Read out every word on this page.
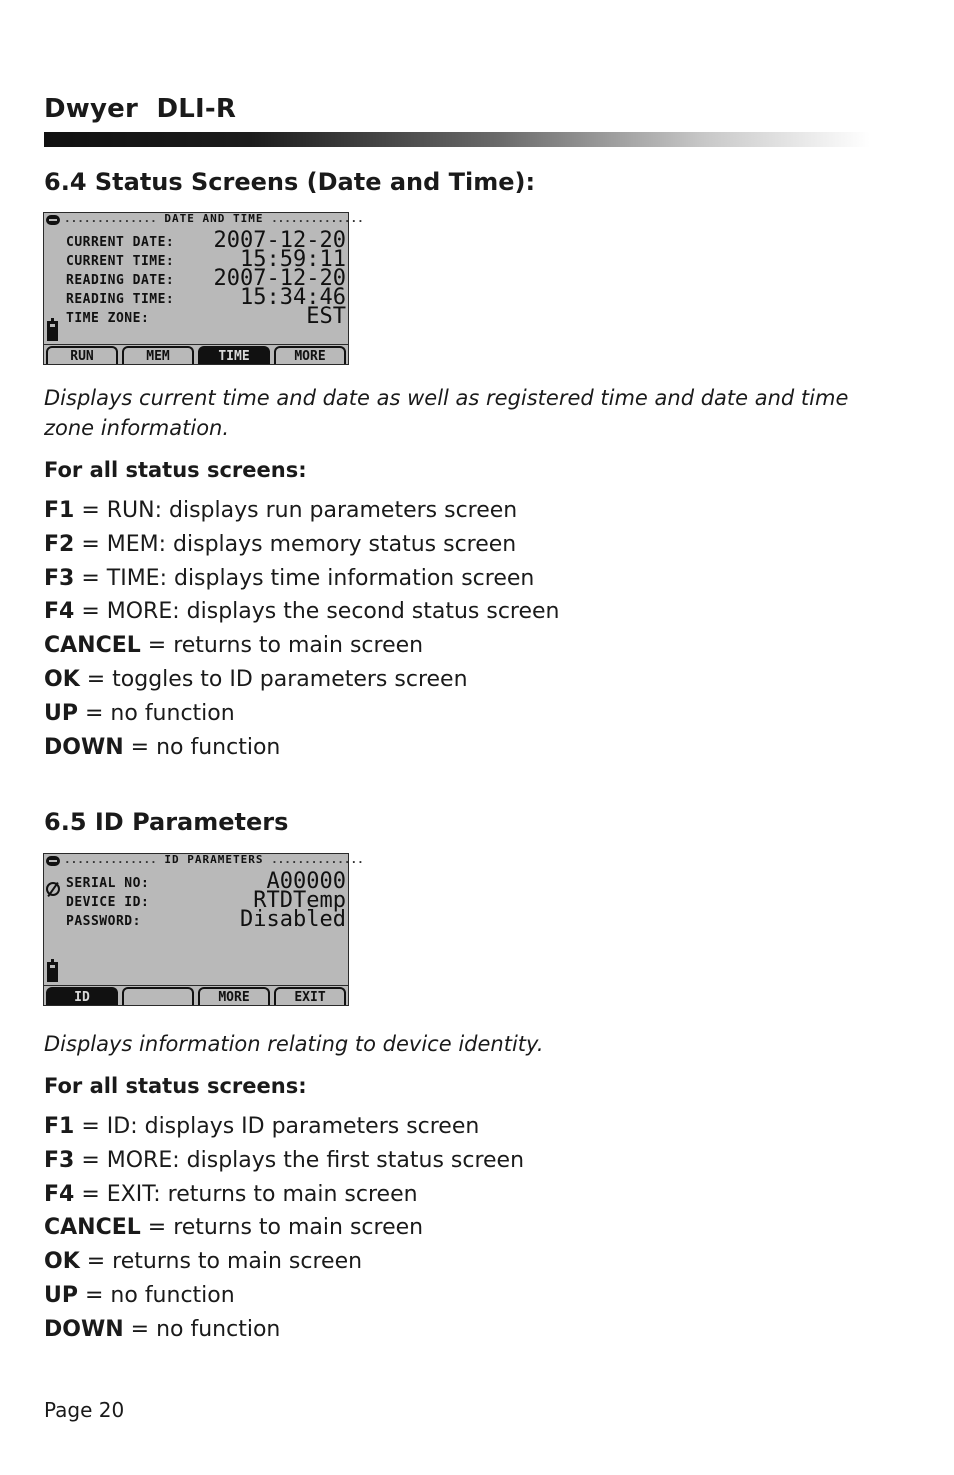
Dwyer  DLI-R
6.4 Status Screens (Date and Time):
.............. DATE AND TIME ..............
CURRENT DATE: 2007-12-20
CURRENT TIME:	15:59:11
READING DATE: 2007-12-20
READING TIME:	15:34:46
TIME ZONE:	EST
RUN	MEM	TIME	MORE
Displays current time and date as well as registered time and date and time zone information.
For all status screens:
F1 = RUN: displays run parameters screen
F2 = MEM: displays memory status screen
F3 = TIME: displays time information screen
F4 = MORE: displays the second status screen
CANCEL = returns to main screen
OK = toggles to ID parameters screen
UP = no function
DOWN = no function
6.5 ID Parameters
.............. ID PARAMETERS ..............
SERIAL NO:	A00000
DEVICE ID:	RTDTemp
PASSWORD:	Disabled
ID	MORE	EXIT
Displays information relating to device identity.
For all status screens:
F1 = ID: displays ID parameters screen
F3 = MORE: displays the first status screen
F4 = EXIT: returns to main screen
CANCEL = returns to main screen
OK = returns to main screen
UP = no function
DOWN = no function
Page 20
